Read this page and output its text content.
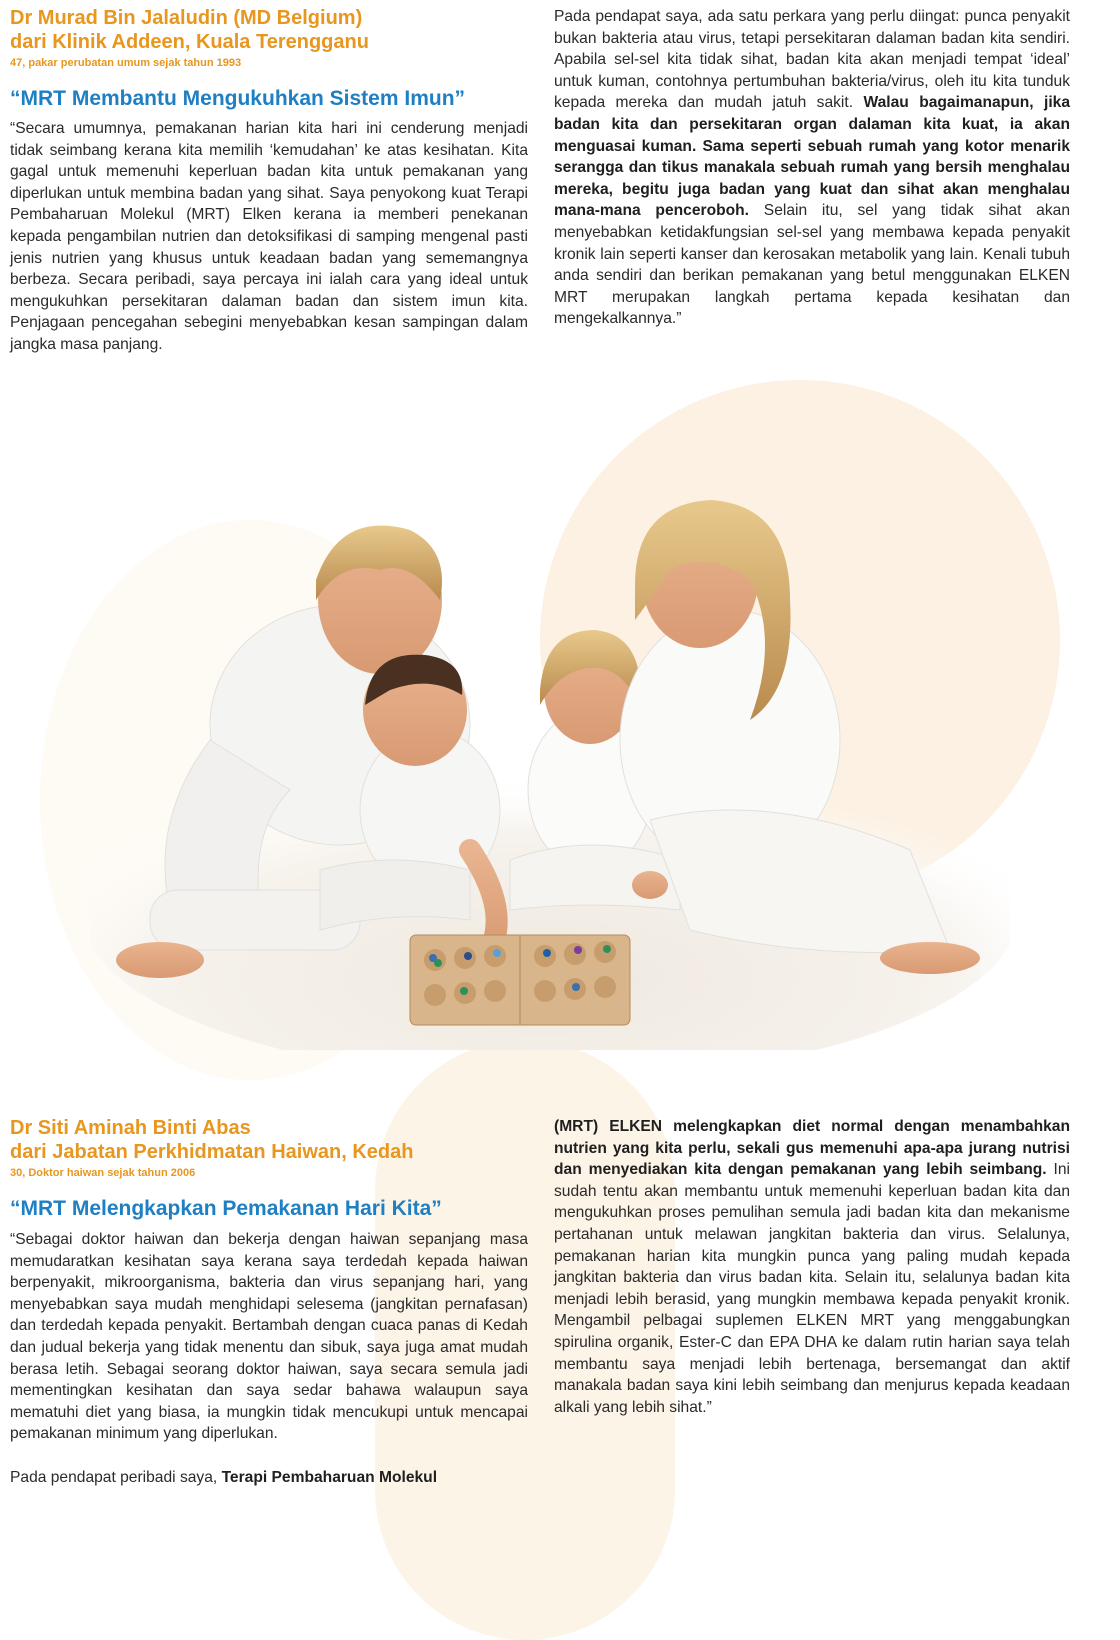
Dr Murad Bin Jalaludin (MD Belgium)

dari Klinik Addeen, Kuala Terengganu

47, pakar perubatan umum sejak tahun 1993

“MRT Membantu Mengukuhkan Sistem Imun”

“Secara umumnya, pemakanan harian kita hari ini cenderung menjadi tidak seimbang kerana kita memilih ‘kemudahan’ ke atas kesihatan. Kita gagal untuk memenuhi keperluan badan kita untuk pemakanan yang diperlukan untuk membina badan yang sihat. Saya penyokong kuat Terapi Pembaharuan Molekul (MRT) Elken kerana ia memberi penekanan kepada pengambilan nutrien dan detoksifikasi di samping mengenal pasti jenis nutrien yang khusus untuk keadaan badan yang sememangnya berbeza. Secara peribadi, saya percaya ini ialah cara yang ideal untuk mengukuhkan persekitaran dalaman badan dan sistem imun kita. Penjagaan pencegahan sebegini menyebabkan kesan sampingan dalam jangka masa panjang.

Pada pendapat saya, ada satu perkara yang perlu diingat: punca penyakit bukan bakteria atau virus, tetapi persekitaran dalaman badan kita sendiri. Apabila sel-sel kita tidak sihat, badan kita akan menjadi tempat ‘ideal’ untuk kuman, contohnya pertumbuhan bakteria/virus, oleh itu kita tunduk kepada mereka dan mudah jatuh sakit. Walau bagaimanapun, jika badan kita dan persekitaran organ dalaman kita kuat, ia akan menguasai kuman. Sama seperti sebuah rumah yang kotor menarik serangga dan tikus manakala sebuah rumah yang bersih menghalau mereka, begitu juga badan yang kuat dan sihat akan menghalau mana-mana penceroboh. Selain itu, sel yang tidak sihat akan menyebabkan ketidakfungsian sel-sel yang membawa kepada penyakit kronik lain seperti kanser dan kerosakan metabolik yang lain. Kenali tubuh anda sendiri dan berikan pemakanan yang betul menggunakan ELKEN MRT merupakan langkah pertama kepada kesihatan dan mengekalkannya.”

Dr Siti Aminah Binti Abas

dari Jabatan Perkhidmatan Haiwan, Kedah

30, Doktor haiwan sejak tahun 2006

“MRT Melengkapkan Pemakanan Hari Kita”

“Sebagai doktor haiwan dan bekerja dengan haiwan sepanjang masa memudaratkan kesihatan saya kerana saya terdedah kepada haiwan berpenyakit, mikroorganisma, bakteria dan virus sepanjang hari, yang menyebabkan saya mudah menghidapi selesema (jangkitan pernafasan) dan terdedah kepada penyakit. Bertambah dengan cuaca panas di Kedah dan judual bekerja yang tidak menentu dan sibuk, saya juga amat mudah berasa letih. Sebagai seorang doktor haiwan, saya secara semula jadi mementingkan kesihatan dan saya sedar bahawa walaupun saya mematuhi diet yang biasa, ia mungkin tidak mencukupi untuk mencapai pemakanan minimum yang diperlukan.

Pada pendapat peribadi saya, Terapi Pembaharuan Molekul

(MRT) ELKEN melengkapkan diet normal dengan menambahkan nutrien yang kita perlu, sekali gus memenuhi apa-apa jurang nutrisi dan menyediakan kita dengan pemakanan yang lebih seimbang. Ini sudah tentu akan membantu untuk memenuhi keperluan badan kita dan mengukuhkan proses pemulihan semula jadi badan kita dan mekanisme pertahanan untuk melawan jangkitan bakteria dan virus. Selalunya, pemakanan harian kita mungkin punca yang paling mudah kepada jangkitan bakteria dan virus badan kita. Selain itu, selalunya badan kita menjadi lebih berasid, yang mungkin membawa kepada penyakit kronik. Mengambil pelbagai suplemen ELKEN MRT yang menggabungkan spirulina organik, Ester-C dan EPA DHA ke dalam rutin harian saya telah membantu saya menjadi lebih bertenaga, bersemangat dan aktif manakala badan saya kini lebih seimbang dan menjurus kepada keadaan alkali yang lebih sihat.”
